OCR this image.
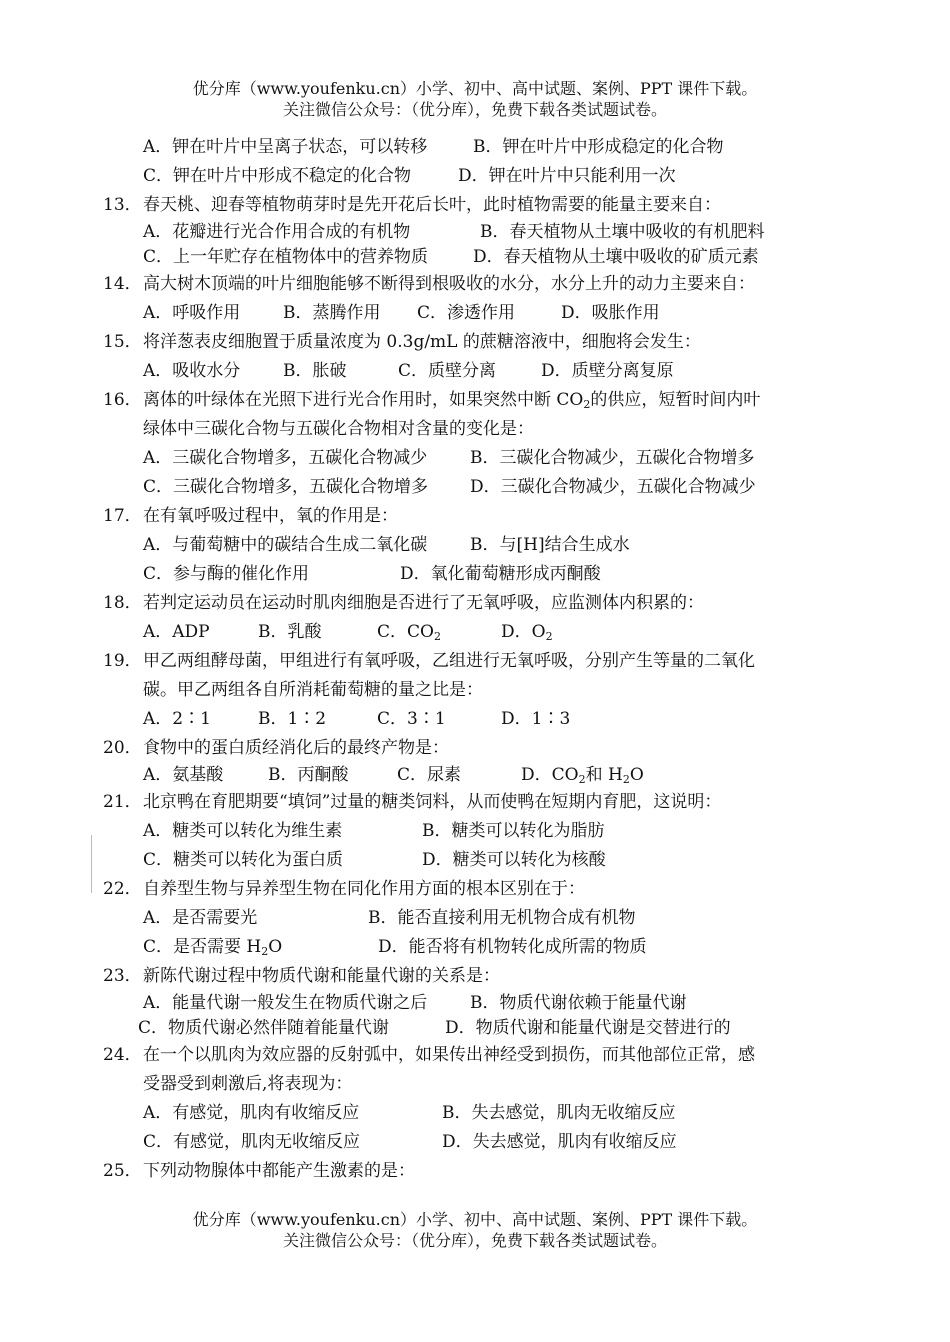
优分库（www.youfenku.cn）小学、初中、高中试题、案例、PPT 课件下载。
关注微信公众号：（优分库），免费下载各类试题试卷。
A．钾在叶片中呈离子状态，可以转移	B．钾在叶片中形成稳定的化合物
C．钾在叶片中形成不稳定的化合物	D．钾在叶片中只能利用一次
13． 春天桃、迎春等植物萌芽时是先开花后长叶，此时植物需要的能量主要来自：
A．花瓣进行光合作用合成的有机物	B．春天植物从土壤中吸收的有机肥料
C．上一年贮存在植物体中的营养物质	D．春天植物从土壤中吸收的矿质元素
14． 高大树木顶端的叶片细胞能够不断得到根吸收的水分，水分上升的动力主要来自：
A．呼吸作用	B．蒸腾作用 C．渗透作用	D．吸胀作用
15． 将洋葱表皮细胞置于质量浓度为 0.3g/mL 的蔗糖溶液中，细胞将会发生：
A．吸收水分	B．胀破	C．质壁分离	D．质壁分离复原
16． 离体的叶绿体在光照下进行光合作用时，如果突然中断 $CO_2$的供应，短暂时间内叶
绿体中三碳化合物与五碳化合物相对含量的变化是：
A．三碳化合物增多，五碳化合物减少	B．三碳化合物减少，五碳化合物增多
C．三碳化合物增多，五碳化合物增多 D．三碳化合物减少，五碳化合物减少
17． 在有氧呼吸过程中，氧的作用是：
A．与葡萄糖中的碳结合生成二氧化碳	B．与[H]结合生成水
C．参与酶的催化作用	D．氧化葡萄糖形成丙酮酸
18． 若判定运动员在运动时肌肉细胞是否进行了无氧呼吸，应监测体内积累的：
A．ADP	B．乳酸	C．$CO_2$	D．$O_2$
19． 甲乙两组酵母菌，甲组进行有氧呼吸，乙组进行无氧呼吸，分别产生等量的二氧化
碳。甲乙两组各自所消耗葡萄糖的量之比是：
A．2∶1	B．1∶2	C．3∶1	D．1∶3
20． 食物中的蛋白质经消化后的最终产物是：
A．氨基酸	B．丙酮酸	C．尿素	D．$CO_2$和 $H_2O$
21． 北京鸭在育肥期要“填饲”过量的糖类饲料，从而使鸭在短期内育肥，这说明：
A．糖类可以转化为维生素	B．糖类可以转化为脂肪
C．糖类可以转化为蛋白质	D．糖类可以转化为核酸
22． 自养型生物与异养型生物在同化作用方面的根本区别在于：
A．是否需要光	B．能否直接利用无机物合成有机物
C．是否需要 $H_2O$	D．能否将有机物转化成所需的物质
23． 新陈代谢过程中物质代谢和能量代谢的关系是：
A．能量代谢一般发生在物质代谢之后	B．物质代谢依赖于能量代谢
C．物质代谢必然伴随着能量代谢	D．物质代谢和能量代谢是交替进行的
24． 在一个以肌肉为效应器的反射弧中，如果传出神经受到损伤，而其他部位正常，感
受器受到刺激后,将表现为：
A．有感觉，肌肉有收缩反应	B．失去感觉，肌肉无收缩反应
C．有感觉，肌肉无收缩反应	D．失去感觉，肌肉有收缩反应
25． 下列动物腺体中都能产生激素的是：
优分库（www.youfenku.cn）小学、初中、高中试题、案例、PPT 课件下载。
关注微信公众号：（优分库），免费下载各类试题试卷。
